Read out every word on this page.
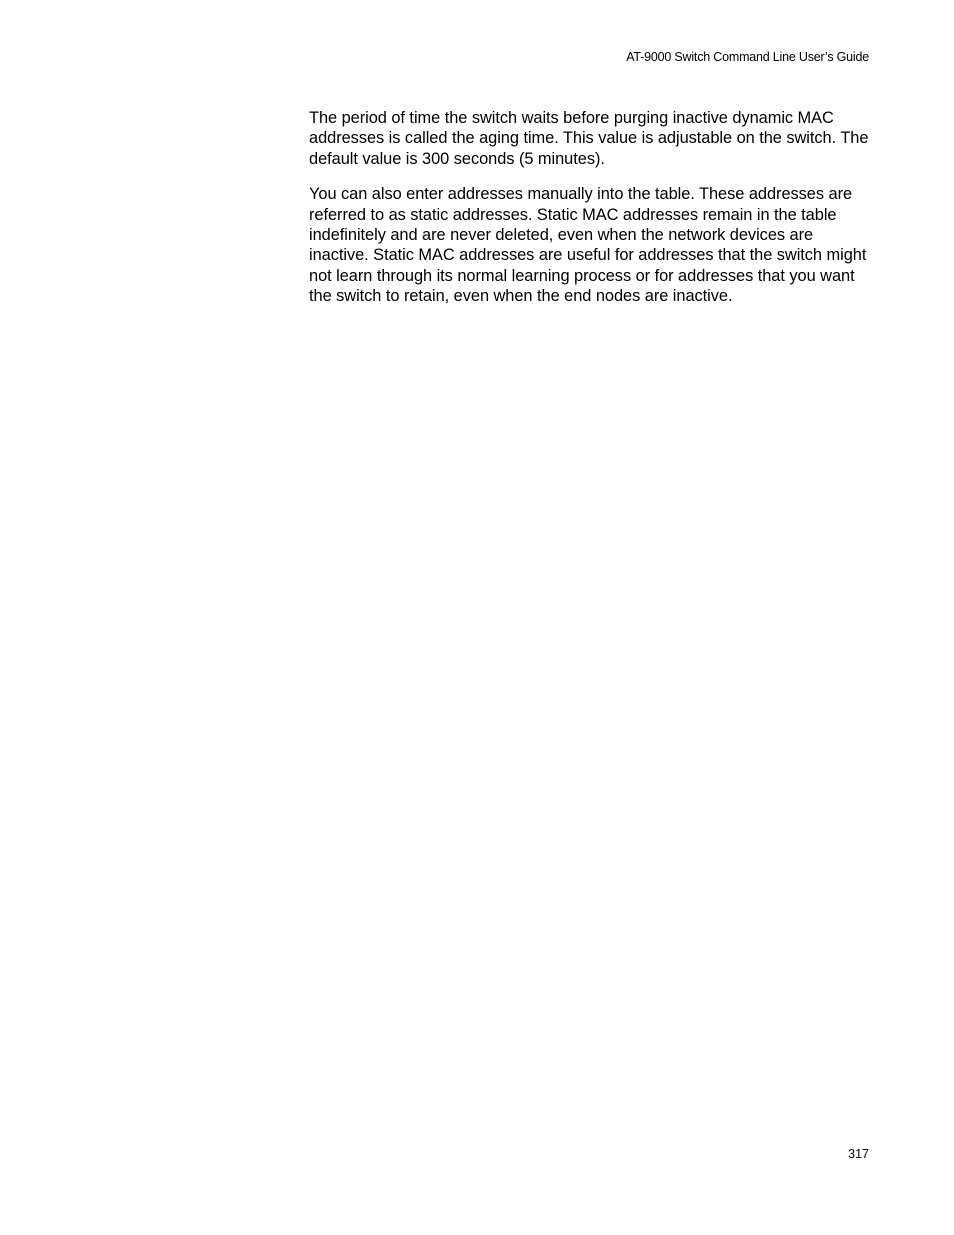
AT-9000 Switch Command Line User’s Guide

The period of time the switch waits before purging inactive dynamic MAC addresses is called the aging time. This value is adjustable on the switch. The default value is 300 seconds (5 minutes).

You can also enter addresses manually into the table. These addresses are referred to as static addresses. Static MAC addresses remain in the table indefinitely and are never deleted, even when the network devices are inactive. Static MAC addresses are useful for addresses that the switch might not learn through its normal learning process or for addresses that you want the switch to retain, even when the end nodes are inactive.

317
